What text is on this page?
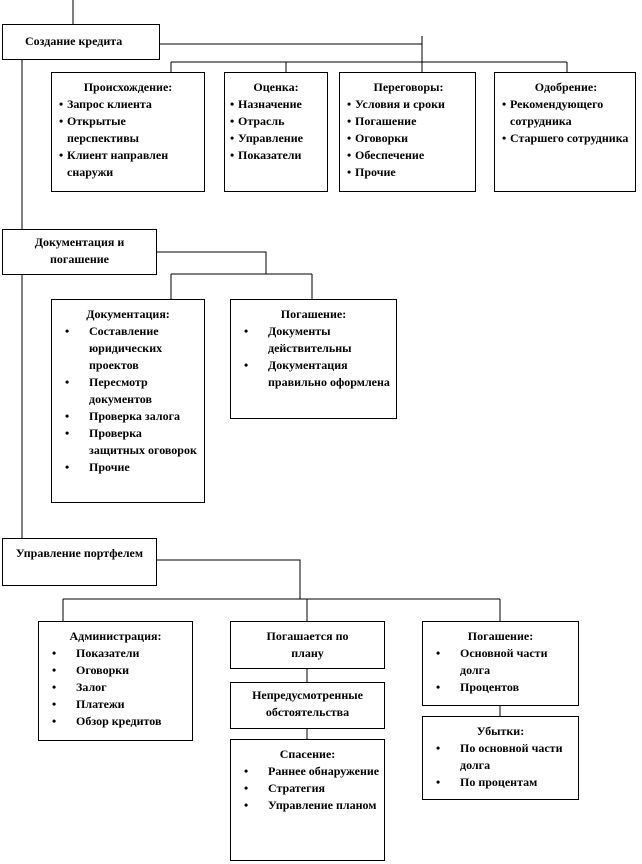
Создание кредита
Происхождение:
• Запрос клиента
• Открытые перспективы
• Клиент направлен снаружи
Оценка:
• Назначение
• Отрасль
• Управление
• Показатели
Переговоры:
• Условия и сроки
• Погашение
• Оговорки
• Обеспечение
• Прочие
Одобрение:
• Рекомендующего сотрудника
• Старшего сотрудника
Документация и погашение
Документация:
• Составление юридических проектов
• Пересмотр документов
• Проверка залога
• Проверка защитных оговорок
• Прочие
Погашение:
• Документы действительны
• Документация правильно оформлена
Управление портфелем
Администрация:
• Показатели
• Оговорки
• Залог
• Платежи
• Обзор кредитов
Погашается по плану
Непредусмотренные обстоятельства
Спасение:
• Раннее обнаружение
• Стратегия
• Управление планом
Погашение:
• Основной части долга
• Процентов
Убытки:
• По основной части долга
• По процентам
